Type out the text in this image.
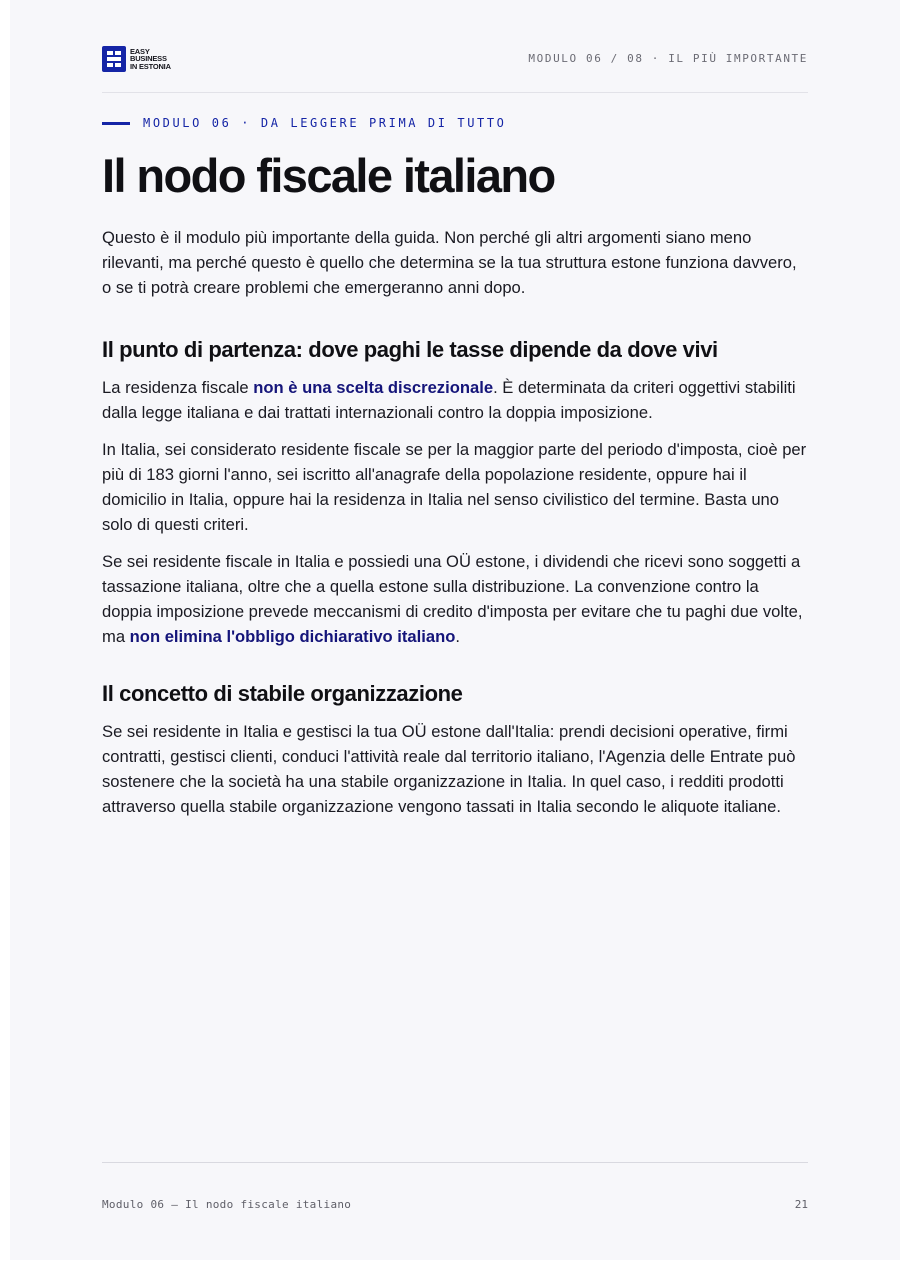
EASY
BUSINESS
IN ESTONIA
MODULO 06 / 08 · IL PIÙ IMPORTANTE
MODULO 06 · DA LEGGERE PRIMA DI TUTTO
Il nodo fiscale italiano

Questo è il modulo più importante della guida. Non perché gli altri argomenti siano meno rilevanti, ma perché questo è quello che determina se la tua struttura estone funziona davvero, o se ti potrà creare problemi che emergeranno anni dopo.

Il punto di partenza: dove paghi le tasse dipende da dove vivi

La residenza fiscale non è una scelta discrezionale. È determinata da criteri oggettivi stabiliti dalla legge italiana e dai trattati internazionali contro la doppia imposizione.

In Italia, sei considerato residente fiscale se per la maggior parte del periodo d'imposta, cioè per più di 183 giorni l'anno, sei iscritto all'anagrafe della popolazione residente, oppure hai il domicilio in Italia, oppure hai la residenza in Italia nel senso civilistico del termine. Basta uno solo di questi criteri.

Se sei residente fiscale in Italia e possiedi una OÜ estone, i dividendi che ricevi sono soggetti a tassazione italiana, oltre che a quella estone sulla distribuzione. La convenzione contro la doppia imposizione prevede meccanismi di credito d'imposta per evitare che tu paghi due volte, ma non elimina l'obbligo dichiarativo italiano.

Il concetto di stabile organizzazione

Se sei residente in Italia e gestisci la tua OÜ estone dall'Italia: prendi decisioni operative, firmi contratti, gestisci clienti, conduci l'attività reale dal territorio italiano, l'Agenzia delle Entrate può sostenere che la società ha una stabile organizzazione in Italia. In quel caso, i redditi prodotti attraverso quella stabile organizzazione vengono tassati in Italia secondo le aliquote italiane.

Modulo 06 — Il nodo fiscale italiano	21
